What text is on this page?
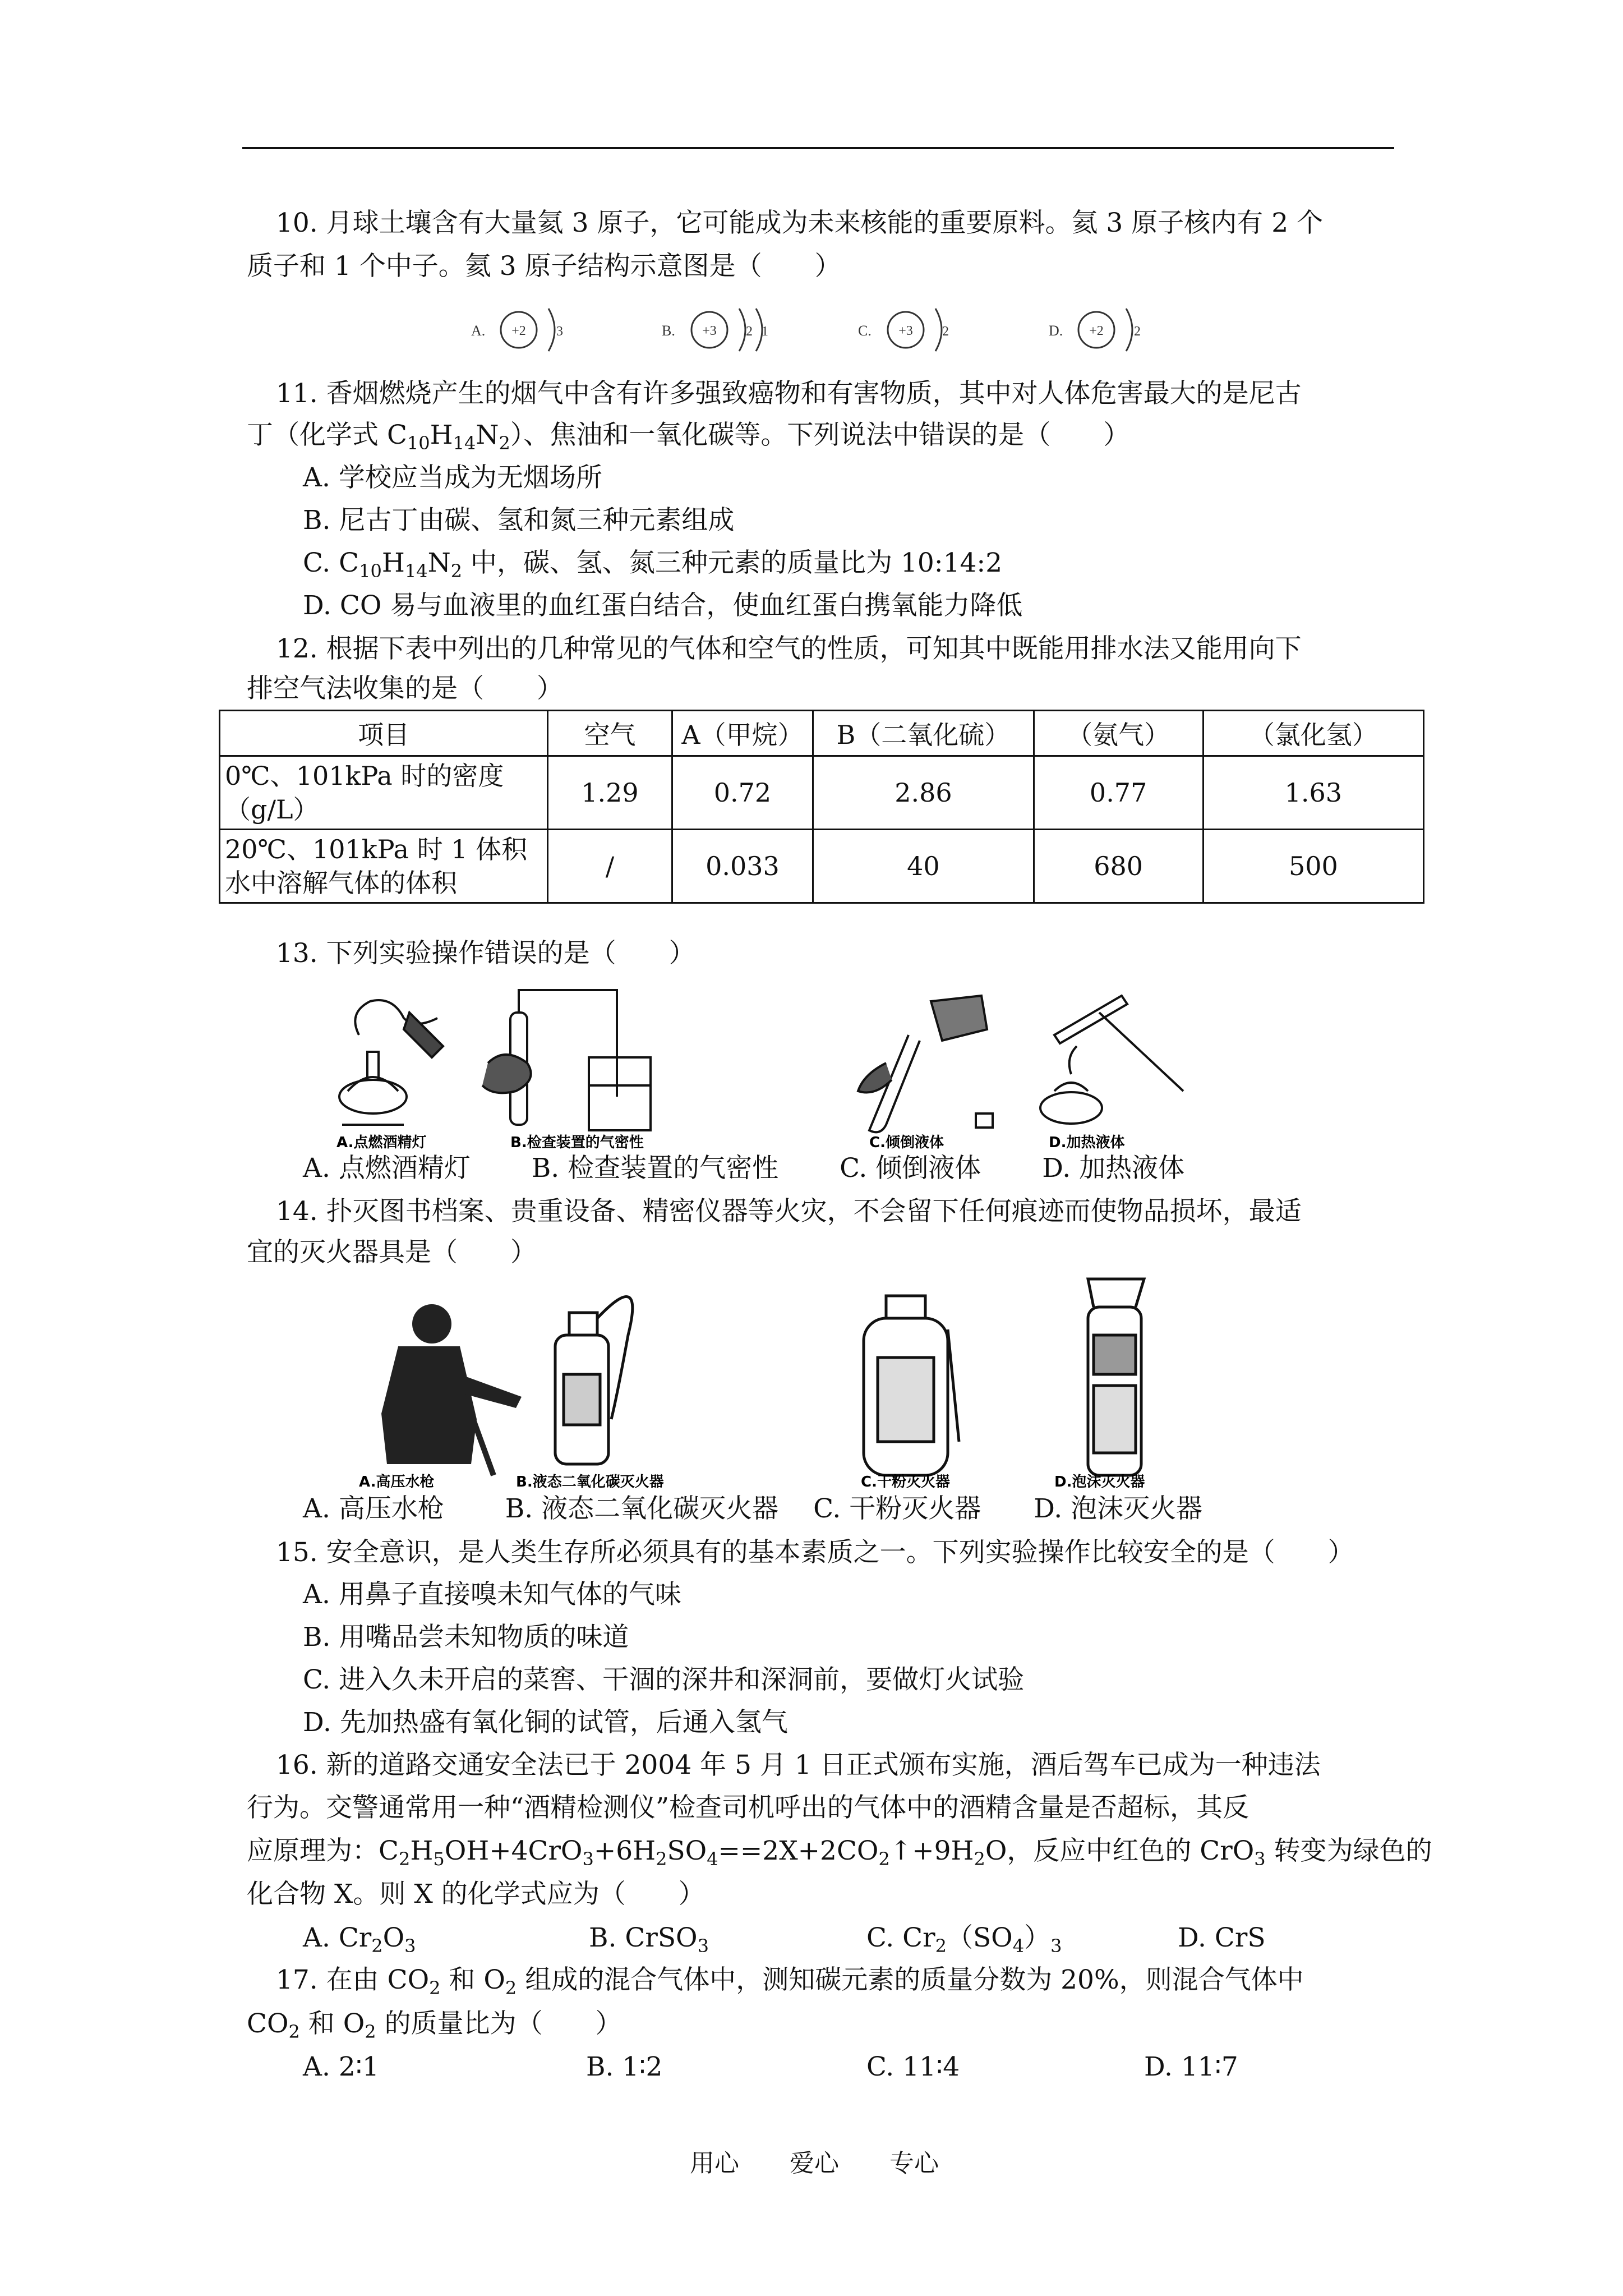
10. 月球土壤含有大量氦 3 原子，它可能成为未来核能的重要原料。氦 3 原子核内有 2 个
质子和 1 个中子。氦 3 原子结构示意图是（　　）
A. +2 3	B. +3 2 1	C. +3 2	D. +2 2
11. 香烟燃烧产生的烟气中含有许多强致癌物和有害物质，其中对人体危害最大的是尼古
丁（化学式 $C_{10}H_{14}N_2$）、焦油和一氧化碳等。下列说法中错误的是（　　）
A. 学校应当成为无烟场所
B. 尼古丁由碳、氢和氮三种元素组成
C. $C_{10}H_{14}N_2$ 中，碳、氢、氮三种元素的质量比为 10:14:2
D. CO 易与血液里的血红蛋白结合，使血红蛋白携氧能力降低
12. 根据下表中列出的几种常见的气体和空气的性质，可知其中既能用排水法又能用向下
排空气法收集的是（　　）
项目	空气	A（甲烷）	B（二氧化硫）	（氨气）	（氯化氢）
0℃、101kPa 时的密度
（g/L）	1.29	0.72	2.86	0.77	1.63
20℃、101kPa 时 1 体积
水中溶解气体的体积	/	0.033	40	680	500
13. 下列实验操作错误的是（　　）
A.点燃酒精灯	B.检查装置的气密性	C.倾倒液体	D.加热液体
A. 点燃酒精灯　　 B. 检查装置的气密性　　 C. 倾倒液体　　 D. 加热液体
14. 扑灭图书档案、贵重设备、精密仪器等火灾，不会留下任何痕迹而使物品损坏，最适
宜的灭火器具是（　　）
A.高压水枪	B.液态二氧化碳灭火器	C.干粉灭火器	D.泡沫灭火器
A. 高压水枪　　 B. 液态二氧化碳灭火器　 C. 干粉灭火器　　D. 泡沫灭火器
15. 安全意识，是人类生存所必须具有的基本素质之一。下列实验操作比较安全的是（　　）
A. 用鼻子直接嗅未知气体的气味
B. 用嘴品尝未知物质的味道
C. 进入久未开启的菜窖、干涸的深井和深洞前，要做灯火试验
D. 先加热盛有氧化铜的试管，后通入氢气
16. 新的道路交通安全法已于 2004 年 5 月 1 日正式颁布实施，酒后驾车已成为一种违法
行为。交警通常用一种“酒精检测仪”检查司机呼出的气体中的酒精含量是否超标，其反
应原理为：$C_2H_5OH+4CrO_3+6H_2SO_4==2X+2CO_2↑+9H_2O$，反应中红色的 CrO$_3$ 转变为绿色的
化合物 X。则 X 的化学式应为（　　）
A. $Cr_2O_3$	B. CrSO$_3$	C. $Cr_2(SO_4)_3$	D. CrS
17. 在由 $CO_2$ 和 $O_2$ 组成的混合气体中，测知碳元素的质量分数为 20%，则混合气体中
$CO_2$ 和 $O_2$ 的质量比为（　　）
A. 2∶1	B. 1∶2	C. 11∶4	D. 11∶7
用心 爱心 专心
